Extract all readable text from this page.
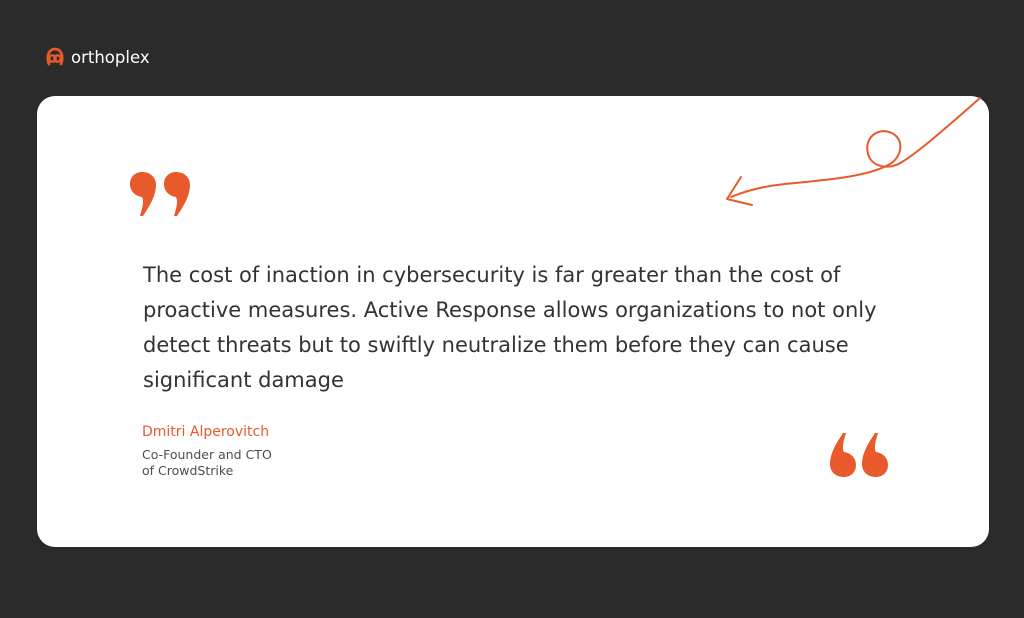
orthoplex

The cost of inaction in cybersecurity is far greater than the cost of proactive measures. Active Response allows organizations to not only detect threats but to swiftly neutralize them before they can cause significant damage

Dmitri Alperovitch
Co-Founder and CTO
of CrowdStrike
